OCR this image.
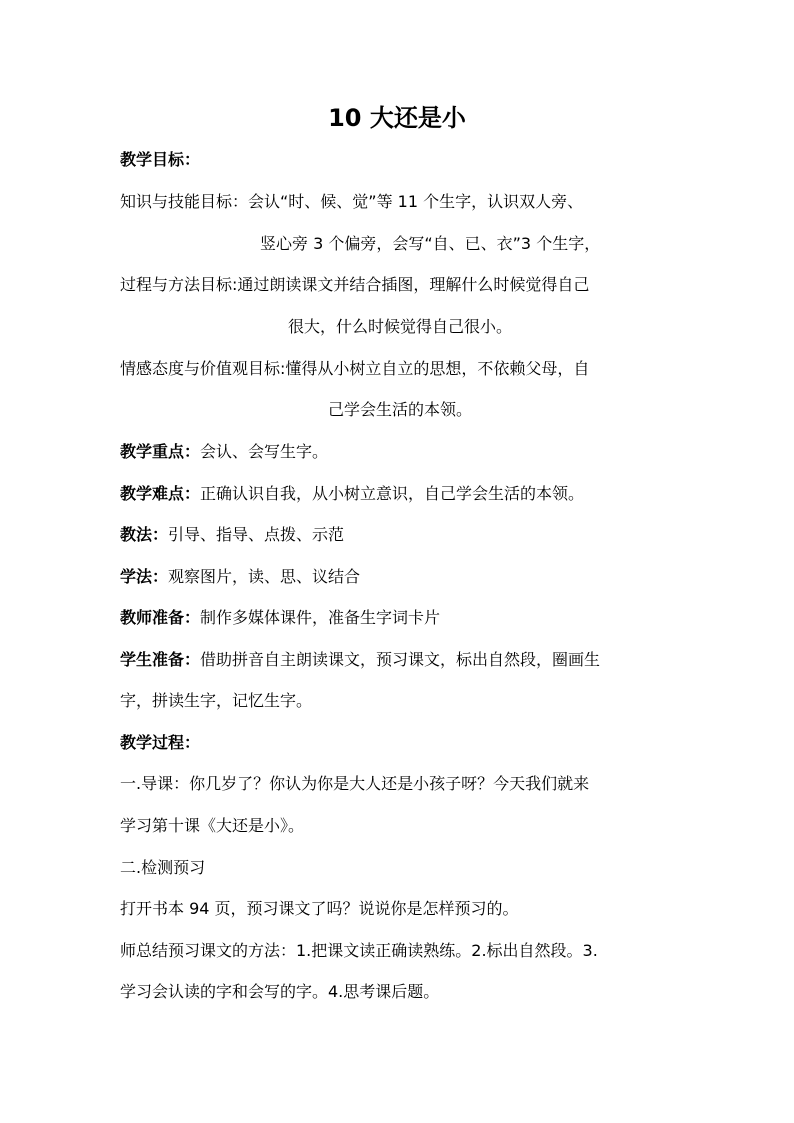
10 大还是小
教学目标：
知识与技能目标：会认“时、候、觉”等 11 个生字，认识双人旁、
竖心旁 3 个偏旁，会写“自、已、衣”3 个生字，
过程与方法目标:通过朗读课文并结合插图，理解什么时候觉得自己
很大，什么时候觉得自己很小。
情感态度与价值观目标:懂得从小树立自立的思想，不依赖父母，自
己学会生活的本领。
教学重点：会认、会写生字。
教学难点：正确认识自我，从小树立意识，自己学会生活的本领。
教法：引导、指导、点拨、示范
学法：观察图片，读、思、议结合
教师准备：制作多媒体课件，准备生字词卡片
学生准备：借助拼音自主朗读课文，预习课文，标出自然段，圈画生
字，拼读生字，记忆生字。
教学过程：
一.导课：你几岁了？你认为你是大人还是小孩子呀？今天我们就来
学习第十课《大还是小》。
二.检测预习
打开书本 94 页，预习课文了吗？说说你是怎样预习的。
师总结预习课文的方法：1.把课文读正确读熟练。2.标出自然段。3.
学习会认读的字和会写的字。4.思考课后题。
